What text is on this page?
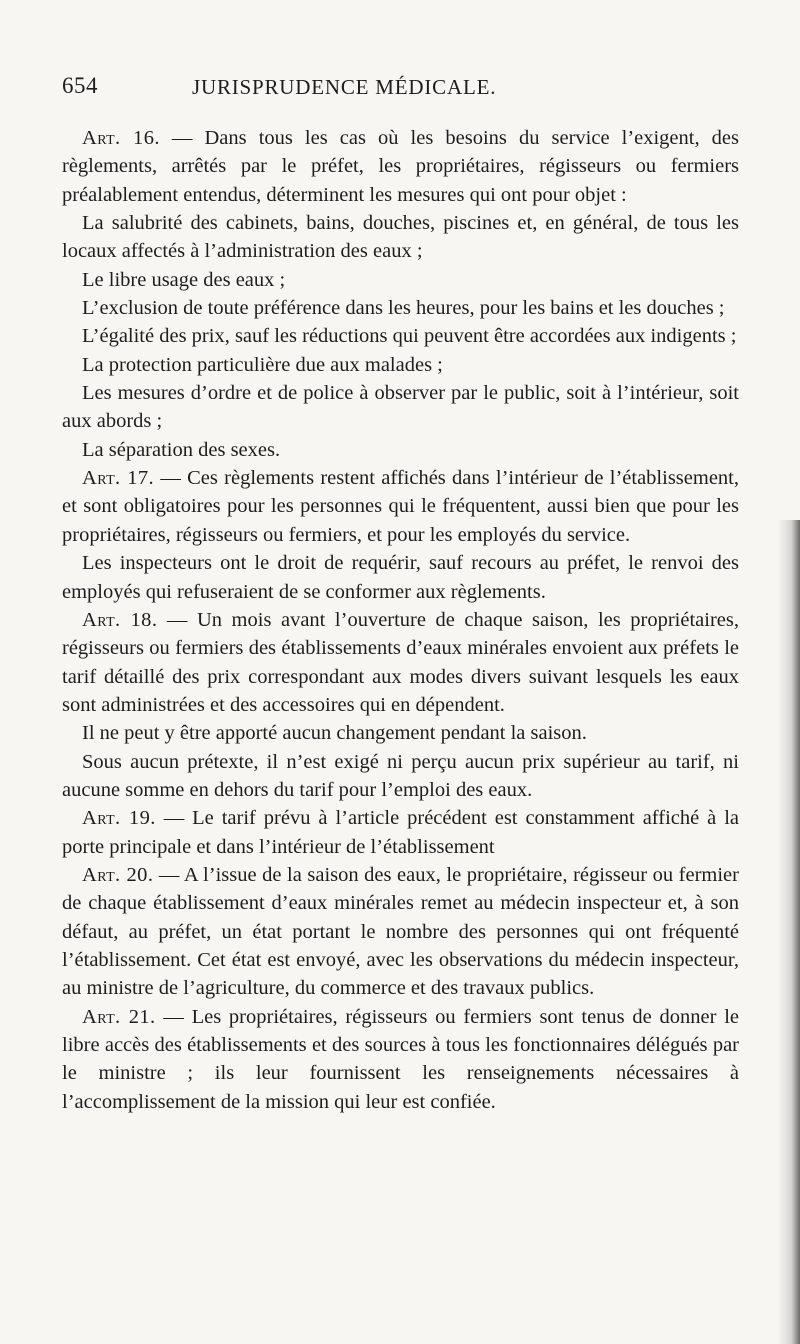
654	JURISPRUDENCE MÉDICALE.

Art. 16. — Dans tous les cas où les besoins du service l’exigent, des règlements, arrêtés par le préfet, les propriétaires, régisseurs ou fermiers préalablement entendus, déterminent les mesures qui ont pour objet :

La salubrité des cabinets, bains, douches, piscines et, en général, de tous les locaux affectés à l’administration des eaux ;

Le libre usage des eaux ;

L’exclusion de toute préférence dans les heures, pour les bains et les douches ;

L’égalité des prix, sauf les réductions qui peuvent être accordées aux indigents ;

La protection particulière due aux malades ;

Les mesures d’ordre et de police à observer par le public, soit à l’intérieur, soit aux abords ;

La séparation des sexes.

Art. 17. — Ces règlements restent affichés dans l’intérieur de l’établissement, et sont obligatoires pour les personnes qui le fréquentent, aussi bien que pour les propriétaires, régisseurs ou fermiers, et pour les employés du service.

Les inspecteurs ont le droit de requérir, sauf recours au préfet, le renvoi des employés qui refuseraient de se conformer aux règlements.

Art. 18. — Un mois avant l’ouverture de chaque saison, les propriétaires, régisseurs ou fermiers des établissements d’eaux minérales envoient aux préfets le tarif détaillé des prix correspondant aux modes divers suivant lesquels les eaux sont administrées et des accessoires qui en dépendent.

Il ne peut y être apporté aucun changement pendant la saison.

Sous aucun prétexte, il n’est exigé ni perçu aucun prix supérieur au tarif, ni aucune somme en dehors du tarif pour l’emploi des eaux.

Art. 19. — Le tarif prévu à l’article précédent est constamment affiché à la porte principale et dans l’intérieur de l’établissement

Art. 20. — A l’issue de la saison des eaux, le propriétaire, régisseur ou fermier de chaque établissement d’eaux minérales remet au médecin inspecteur et, à son défaut, au préfet, un état portant le nombre des personnes qui ont fréquenté l’établissement. Cet état est envoyé, avec les observations du médecin inspecteur, au ministre de l’agriculture, du commerce et des travaux publics.

Art. 21. — Les propriétaires, régisseurs ou fermiers sont tenus de donner le libre accès des établissements et des sources à tous les fonctionnaires délégués par le ministre ; ils leur fournissent les renseignements nécessaires à l’accomplissement de la mission qui leur est confiée.
